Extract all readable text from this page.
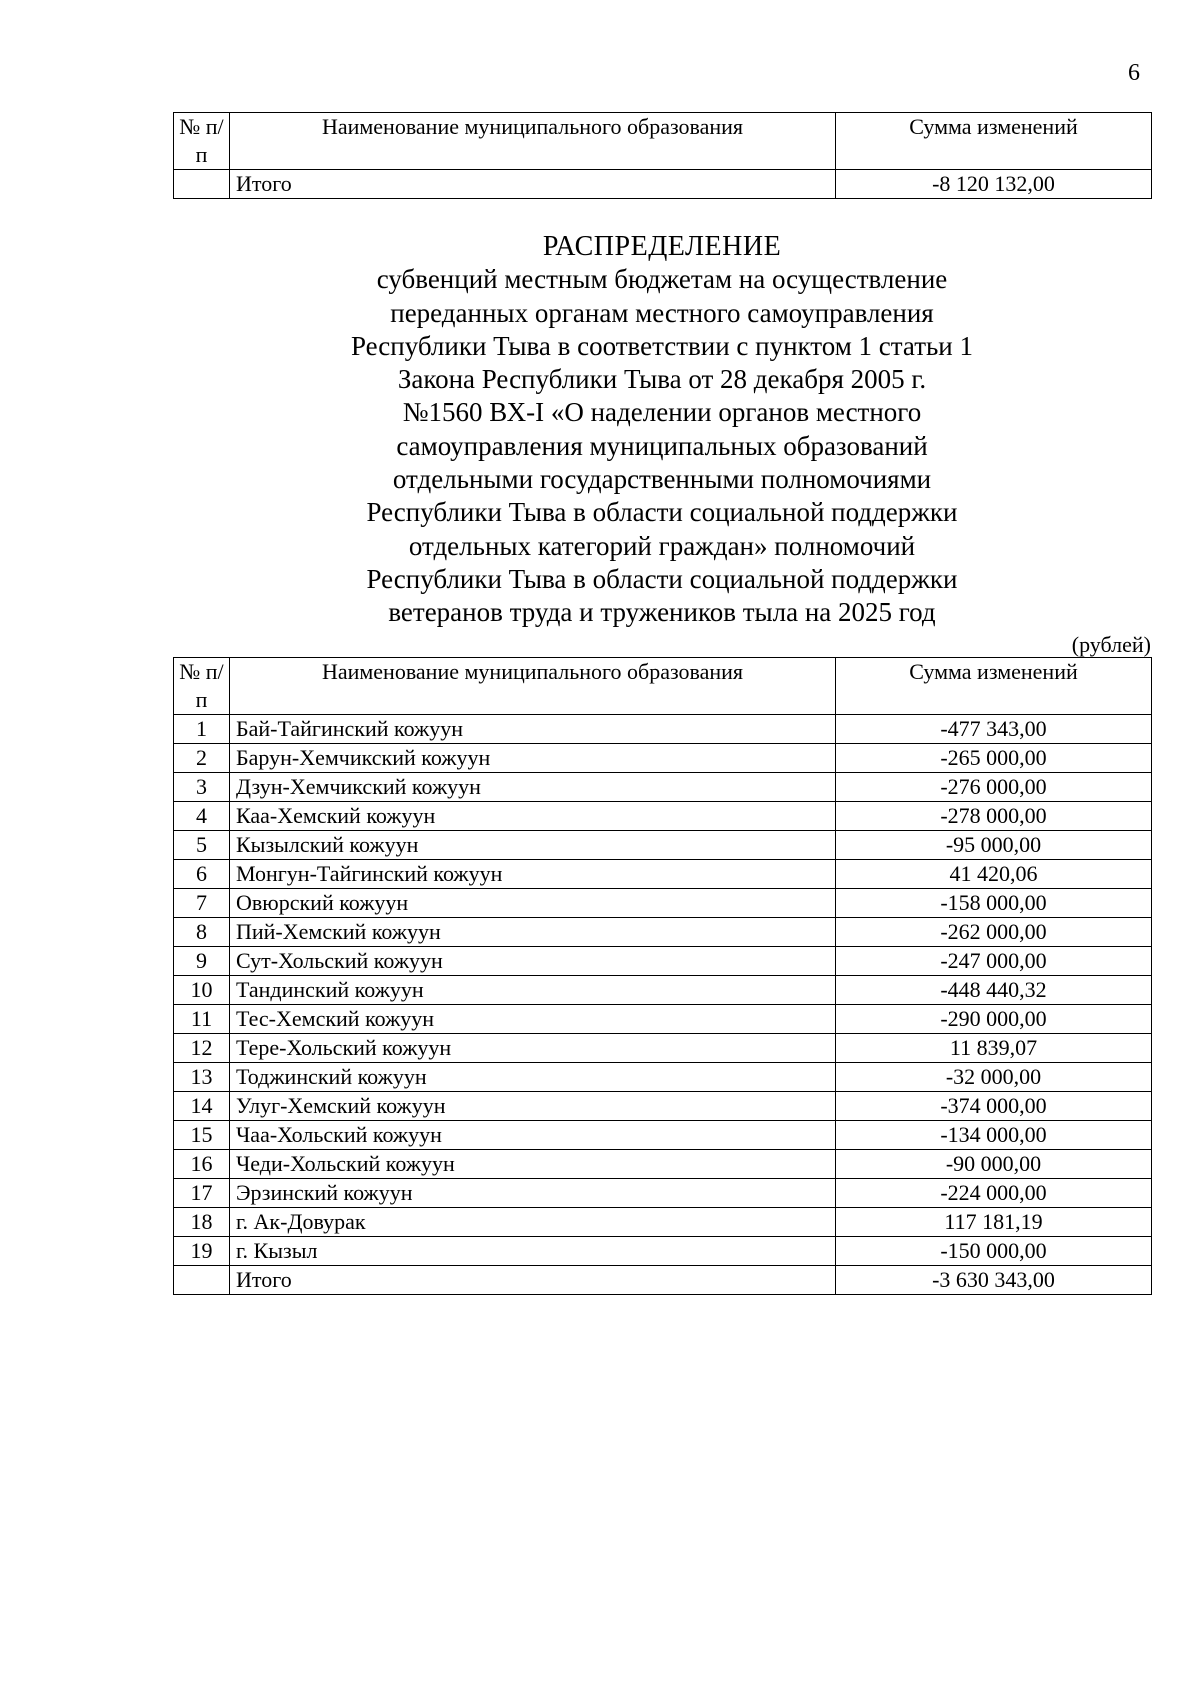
6
№ п/п	Наименование муниципального образования	Сумма изменений
	Итого	-8 120 132,00
РАСПРЕДЕЛЕНИЕ
субвенций местным бюджетам на осуществление
переданных органам местного самоуправления
Республики Тыва в соответствии с пунктом 1 статьи 1
Закона Республики Тыва от 28 декабря 2005 г.
№1560 ВХ-I «О наделении органов местного
самоуправления муниципальных образований
отдельными государственными полномочиями
Республики Тыва в области социальной поддержки
отдельных категорий граждан» полномочий
Республики Тыва в области социальной поддержки
ветеранов труда и тружеников тыла на 2025 год
(рублей)
№ п/п	Наименование муниципального образования	Сумма изменений
1	Бай-Тайгинский кожуун	-477 343,00
2	Барун-Хемчикский кожуун	-265 000,00
3	Дзун-Хемчикский кожуун	-276 000,00
4	Каа-Хемский кожуун	-278 000,00
5	Кызылский кожуун	-95 000,00
6	Монгун-Тайгинский кожуун	41 420,06
7	Овюрский кожуун	-158 000,00
8	Пий-Хемский кожуун	-262 000,00
9	Сут-Хольский кожуун	-247 000,00
10	Тандинский кожуун	-448 440,32
11	Тес-Хемский кожуун	-290 000,00
12	Тере-Хольский кожуун	11 839,07
13	Тоджинский кожуун	-32 000,00
14	Улуг-Хемский кожуун	-374 000,00
15	Чаа-Хольский кожуун	-134 000,00
16	Чеди-Хольский кожуун	-90 000,00
17	Эрзинский кожуун	-224 000,00
18	г. Ак-Довурак	117 181,19
19	г. Кызыл	-150 000,00
	Итого	-3 630 343,00
